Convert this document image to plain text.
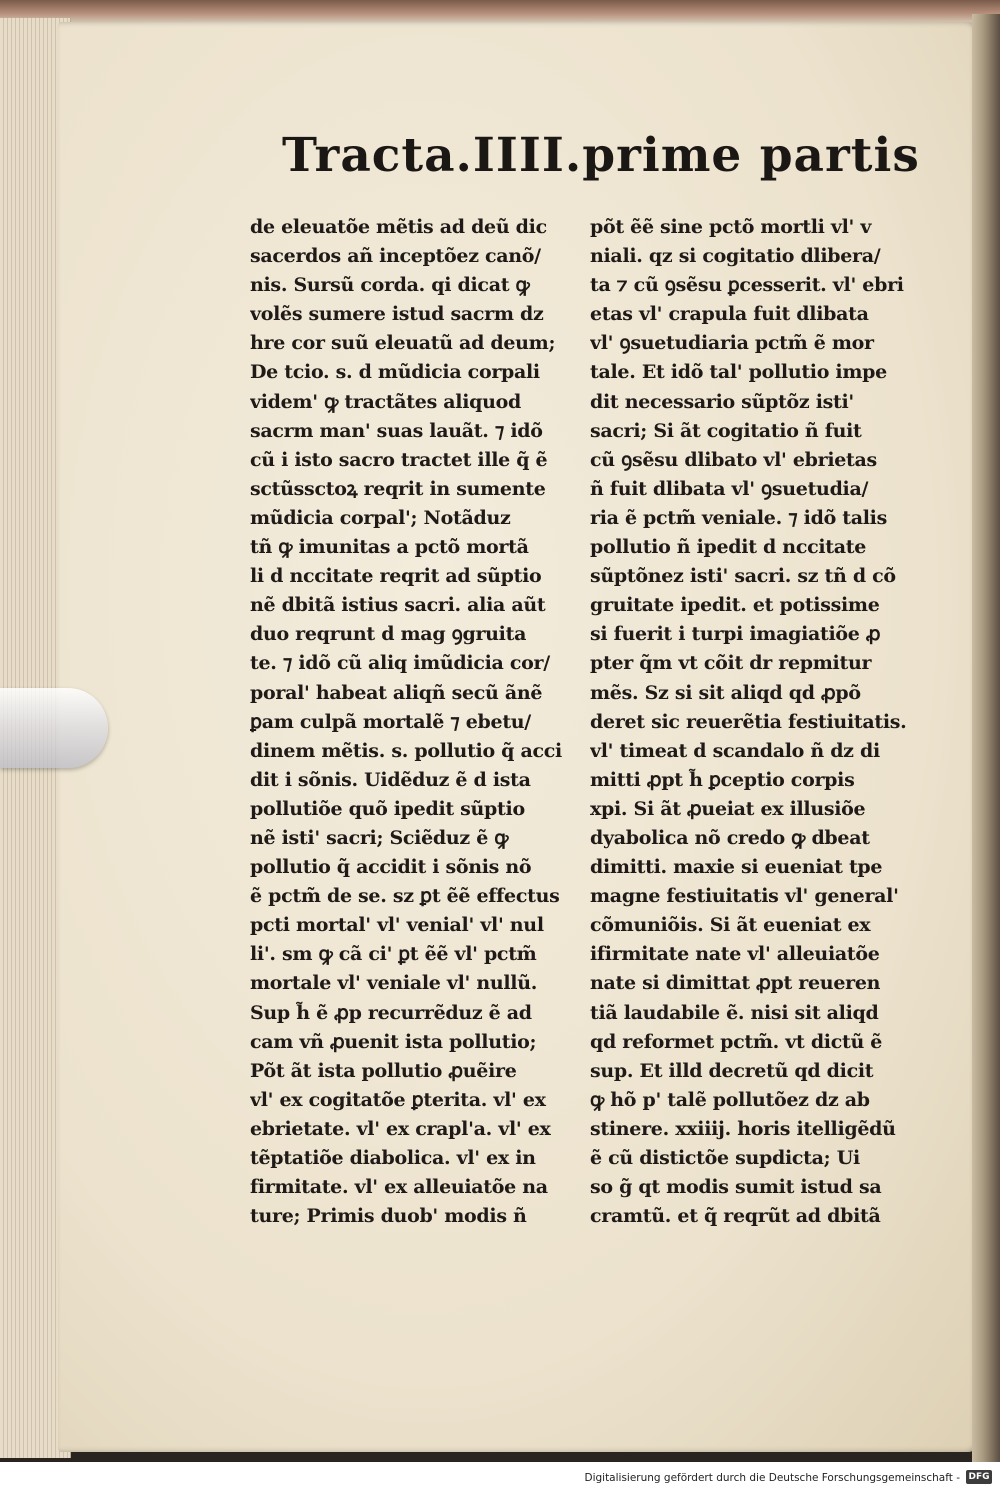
Tracta.IIII.prime partis
de eleuatõe mẽtis ad deũ dic
sacerdos añ inceptõez canõ/
nis. Sursũ corda. qi dicat ꝙ
volẽs sumere istud sacrm dz
hre cor suũ eleuatũ ad deum;
De tcio. s. d mũdicia corpali
videm' ꝙ tractãtes aliquod
sacrm man' suas lauãt. ⁊ idõ
cũ i isto sacro tractet ille q̃ ẽ
sctũssctoꝝ reqrit in sumente
mũdicia corpal'; Notãduz
tñ ꝙ imunitas a pctõ mortã
li d nccitate reqrit ad sũptio
nẽ dbitã istius sacri. alia aũt
duo reqrunt d mag ꝯgruita
te. ⁊ idõ cũ aliq imũdicia cor/
poral' habeat aliqñ secũ ãnẽ
ꝑam culpã mortalẽ ⁊ ebetu/
dinem mẽtis. s. pollutio q̃ acci
dit i sõnis. Uidẽduz ẽ d ista
pollutiõe quõ ipedit sũptio
nẽ isti' sacri; Sciẽduz ẽ ꝙ
pollutio q̃ accidit i sõnis nõ
ẽ pctm̃ de se. sz ꝑt ẽẽ effectus
pcti mortal' vl' venial' vl' nul
li'. sm ꝙ cã ci' ꝑt ẽẽ vl' pctm̃
mortale vl' veniale vl' nullũ.
Sup h̃ ẽ ꝓp recurrẽduz ẽ ad
cam vñ ꝓuenit ista pollutio;
Põt ãt ista pollutio ꝓuẽire
vl' ex cogitatõe ꝑterita. vl' ex
ebrietate. vl' ex crapl'a. vl' ex
tẽptatiõe diabolica. vl' ex in
firmitate. vl' ex alleuiatõe na
ture; Primis duob' modis ñ
põt ẽẽ sine pctõ mortli vl' v
niali. qz si cogitatio dlibera/
ta ⁊ cũ ꝯsẽsu ꝑcesserit. vl' ebri
etas vl' crapula fuit dlibata
vl' ꝯsuetudiaria pctm̃ ẽ mor
tale. Et idõ tal' pollutio impe
dit necessario sũptõz isti'
sacri; Si ãt cogitatio ñ fuit
cũ ꝯsẽsu dlibato vl' ebrietas
ñ fuit dlibata vl' ꝯsuetudia/
ria ẽ pctm̃ veniale. ⁊ idõ talis
pollutio ñ ipedit d nccitate
sũptõnez isti' sacri. sz tñ d cõ
gruitate ipedit. et potissime
si fuerit i turpi imagiatiõe ꝓ
pter q̃m vt cõit dr repmitur
mẽs. Sz si sit aliqd qd ꝓpõ
deret sic reuerẽtia festiuitatis.
vl' timeat d scandalo ñ dz di
mitti ꝓpt h̃ ꝑceptio corpis
xpi. Si ãt ꝓueiat ex illusiõe
dyabolica nõ credo ꝙ dbeat
dimitti. maxie si eueniat tpe
magne festiuitatis vl' general'
cõmuniõis. Si ãt eueniat ex
ifirmitate nate vl' alleuiatõe
nate si dimittat ꝓpt reueren
tiã laudabile ẽ. nisi sit aliqd
qd reformet pctm̃. vt dictũ ẽ
sup. Et illd decretũ qd dicit
ꝙ hõ p' talẽ pollutõez dz ab
stinere. xxiiij. horis itelligẽdũ
ẽ cũ distictõe supdicta; Ui
so g̃ qt modis sumit istud sa
cramtũ. et q̃ reqrũt ad dbitã
Digitalisierung gefördert durch die Deutsche Forschungsgemeinschaft - DFG
